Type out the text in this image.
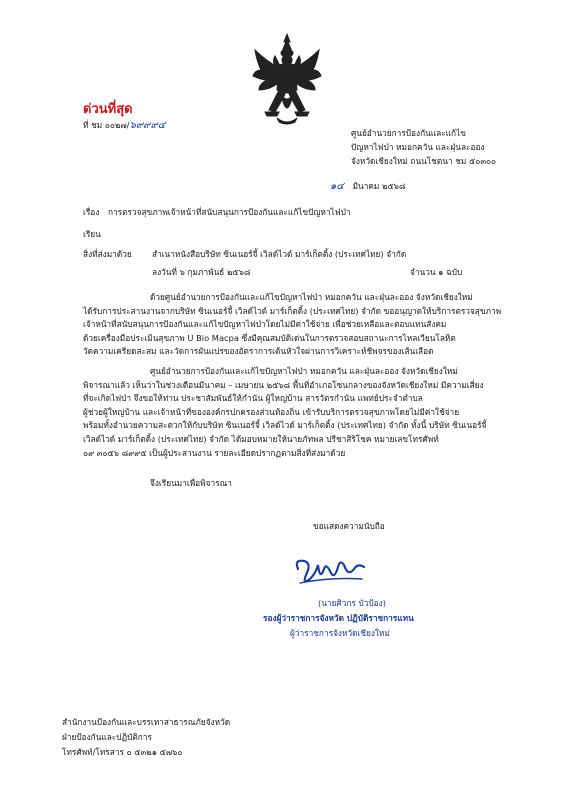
ด่วนที่สุด
ที่ ชม ๐๐๒๗/๖๙๙๙๔
ศูนย์อำนวยการป้องกันและแก้ไข
ปัญหาไฟป่า หมอกควัน และฝุ่นละออง
จังหวัดเชียงใหม่ ถนนโชตนา ชม ๕๐๓๐๐
๑๔ มีนาคม ๒๕๖๘
เรื่อง การตรวจสุขภาพเจ้าหน้าที่สนับสนุนการป้องกันและแก้ไขปัญหาไฟป่า
เรียน
สิ่งที่ส่งมาด้วย สำเนาหนังสือบริษัท ซินเนอร์จี้ เวิลด์ไวด์ มาร์เก็ตติ้ง (ประเทศไทย) จำกัด
ลงวันที่ ๖ กุมภาพันธ์ ๒๕๖๘	จำนวน ๑ ฉบับ
ด้วยศูนย์อำนวยการป้องกันและแก้ไขปัญหาไฟป่า หมอกควัน และฝุ่นละออง จังหวัดเชียงใหม่
ได้รับการประสานงานจากบริษัท ซินเนอร์จี้ เวิลด์ไวด์ มาร์เก็ตติ้ง (ประเทศไทย) จำกัด ขออนุญาตให้บริการตรวจสุขภาพ
เจ้าหน้าที่สนับสนุนการป้องกันและแก้ไขปัญหาไฟป่าโดยไม่มีค่าใช้จ่าย เพื่อช่วยเหลือและตอบแทนสังคม
ด้วยเครื่องมือประเมินสุขภาพ U Bio Macpa ซึ่งมีคุณสมบัติเด่นในการตรวจสอบสถานะการไหลเวียนโลหิต
วัดความเครียดสะสม และวัดการผันแปรของอัตราการเต้นหัวใจผ่านการวิเคราะห์ชีพจรของเส้นเลือด
ศูนย์อำนวยการป้องกันและแก้ไขปัญหาไฟป่า หมอกควัน และฝุ่นละออง จังหวัดเชียงใหม่
พิจารณาแล้ว เห็นว่าในช่วงเดือนมีนาคม – เมษายน ๒๕๖๘ พื้นที่อำเภอโซนกลางของจังหวัดเชียงใหม่ มีความเสี่ยง
ที่จะเกิดไฟป่า จึงขอให้ท่าน ประชาสัมพันธ์ให้กำนัน ผู้ใหญ่บ้าน สารวัตรกำนัน แพทย์ประจำตำบล
ผู้ช่วยผู้ใหญ่บ้าน และเจ้าหน้าที่ขององค์กรปกครองส่วนท้องถิ่น เข้ารับบริการตรวจสุขภาพโดยไม่มีค่าใช้จ่าย
พร้อมทั้งอำนวยความสะดวกให้กับบริษัท ซินเนอร์จี้ เวิลด์ไวด์ มาร์เก็ตติ้ง (ประเทศไทย) จำกัด ทั้งนี้ บริษัท ซินเนอร์จี้
เวิลด์ไวด์ มาร์เก็ตติ้ง (ประเทศไทย) จำกัด ได้มอบหมายให้นายภัทพล ปรีชาสิริโชค หมายเลขโทรศัพท์
๐๙ ๓๐๕๖ ๘๙๙๕ เป็นผู้ประสานงาน รายละเอียดปรากฏตามสิ่งที่ส่งมาด้วย
จึงเรียนมาเพื่อพิจารณา
ขอแสดงความนับถือ
(นายศิวกร บัวป้อง)
รองผู้ว่าราชการจังหวัด ปฏิบัติราชการแทน
ผู้ว่าราชการจังหวัดเชียงใหม่
สำนักงานป้องกันและบรรเทาสาธารณภัยจังหวัด
ฝ่ายป้องกันและปฏิบัติการ
โทรศัพท์/โทรสาร ๐ ๕๓๒๑ ๕๗๖๐
